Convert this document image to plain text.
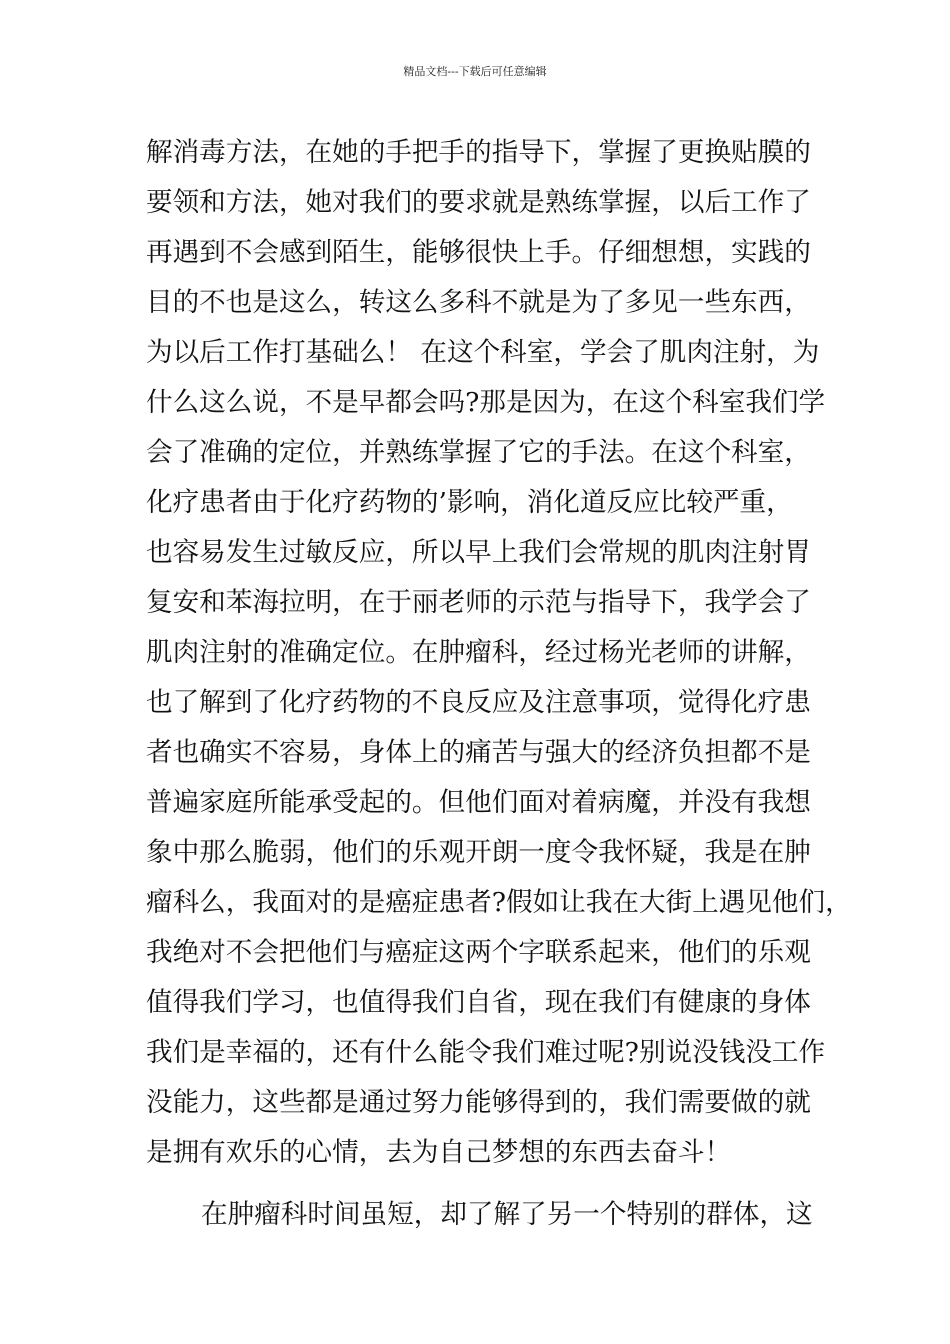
精品文档---下载后可任意编辑
解消毒方法，在她的手把手的指导下，掌握了更换贴膜的
要领和方法，她对我们的要求就是熟练掌握，以后工作了
再遇到不会感到陌生，能够很快上手。仔细想想，实践的
目的不也是这么，转这么多科不就是为了多见一些东西，
为以后工作打基础么！ 在这个科室，学会了肌肉注射，为
什么这么说，不是早都会吗?那是因为，在这个科室我们学
会了准确的定位，并熟练掌握了它的手法。在这个科室，
化疗患者由于化疗药物的’影响，消化道反应比较严重，
也容易发生过敏反应，所以早上我们会常规的肌肉注射胃
复安和苯海拉明，在于丽老师的示范与指导下，我学会了
肌肉注射的准确定位。在肿瘤科，经过杨光老师的讲解，
也了解到了化疗药物的不良反应及注意事项，觉得化疗患
者也确实不容易，身体上的痛苦与强大的经济负担都不是
普遍家庭所能承受起的。但他们面对着病魔，并没有我想
象中那么脆弱，他们的乐观开朗一度令我怀疑，我是在肿
瘤科么，我面对的是癌症患者?假如让我在大街上遇见他们，
我绝对不会把他们与癌症这两个字联系起来，他们的乐观
值得我们学习，也值得我们自省，现在我们有健康的身体
我们是幸福的，还有什么能令我们难过呢?别说没钱没工作
没能力，这些都是通过努力能够得到的，我们需要做的就
是拥有欢乐的心情，去为自己梦想的东西去奋斗！
在肿瘤科时间虽短，却了解了另一个特别的群体，这
